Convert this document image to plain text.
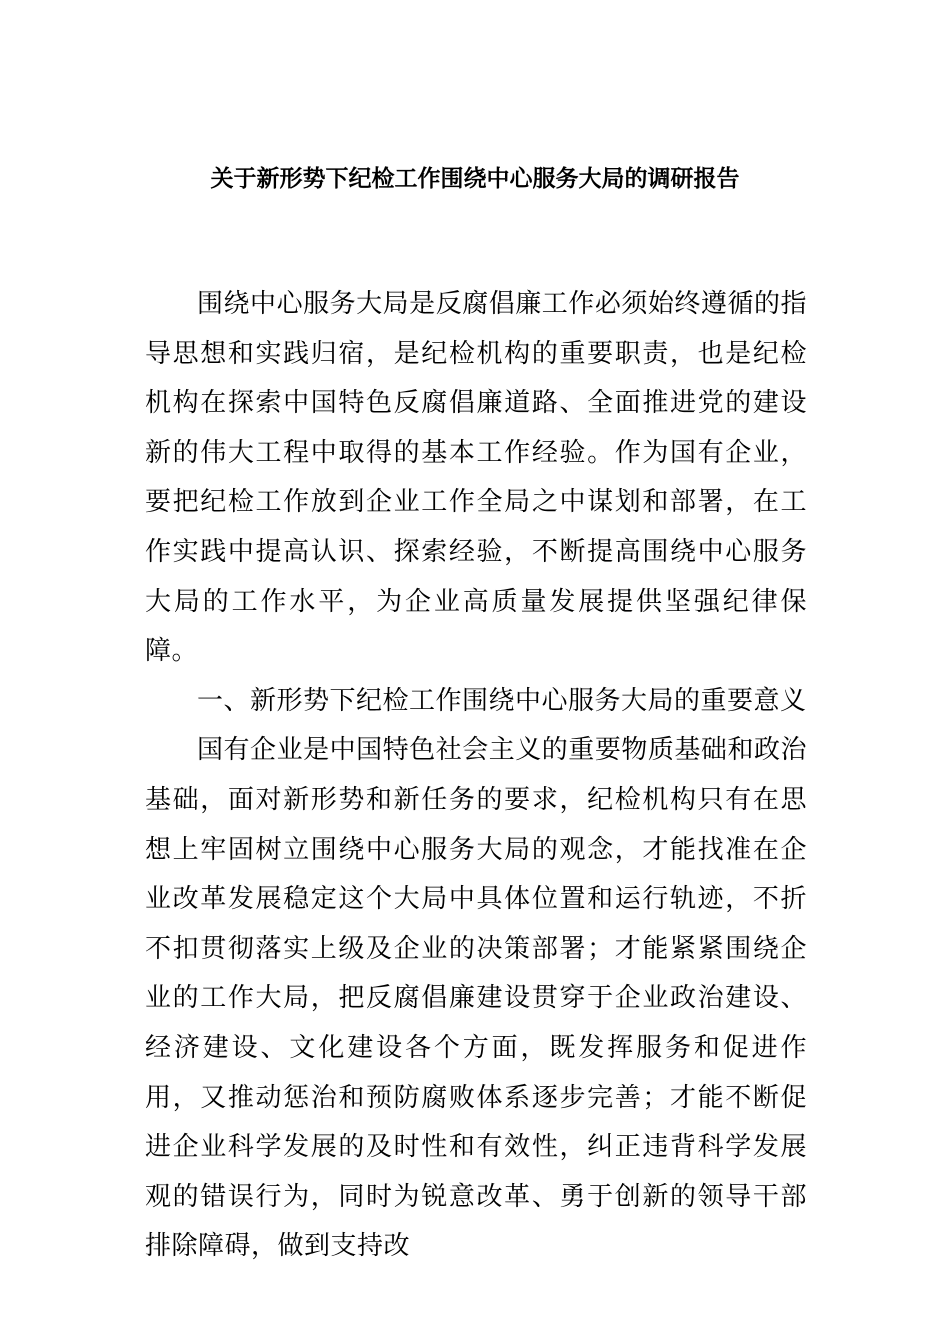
关于新形势下纪检工作围绕中心服务大局的调研报告

围绕中心服务大局是反腐倡廉工作必须始终遵循的指导思想和实践归宿，是纪检机构的重要职责，也是纪检机构在探索中国特色反腐倡廉道路、全面推进党的建设新的伟大工程中取得的基本工作经验。作为国有企业，要把纪检工作放到企业工作全局之中谋划和部署，在工作实践中提高认识、探索经验，不断提高围绕中心服务大局的工作水平，为企业高质量发展提供坚强纪律保障。

一、新形势下纪检工作围绕中心服务大局的重要意义

国有企业是中国特色社会主义的重要物质基础和政治基础，面对新形势和新任务的要求，纪检机构只有在思想上牢固树立围绕中心服务大局的观念，才能找准在企业改革发展稳定这个大局中具体位置和运行轨迹，不折不扣贯彻落实上级及企业的决策部署；才能紧紧围绕企业的工作大局，把反腐倡廉建设贯穿于企业政治建设、经济建设、文化建设各个方面，既发挥服务和促进作用，又推动惩治和预防腐败体系逐步完善；才能不断促进企业科学发展的及时性和有效性，纠正违背科学发展观的错误行为，同时为锐意改革、勇于创新的领导干部排除障碍，做到支持改
